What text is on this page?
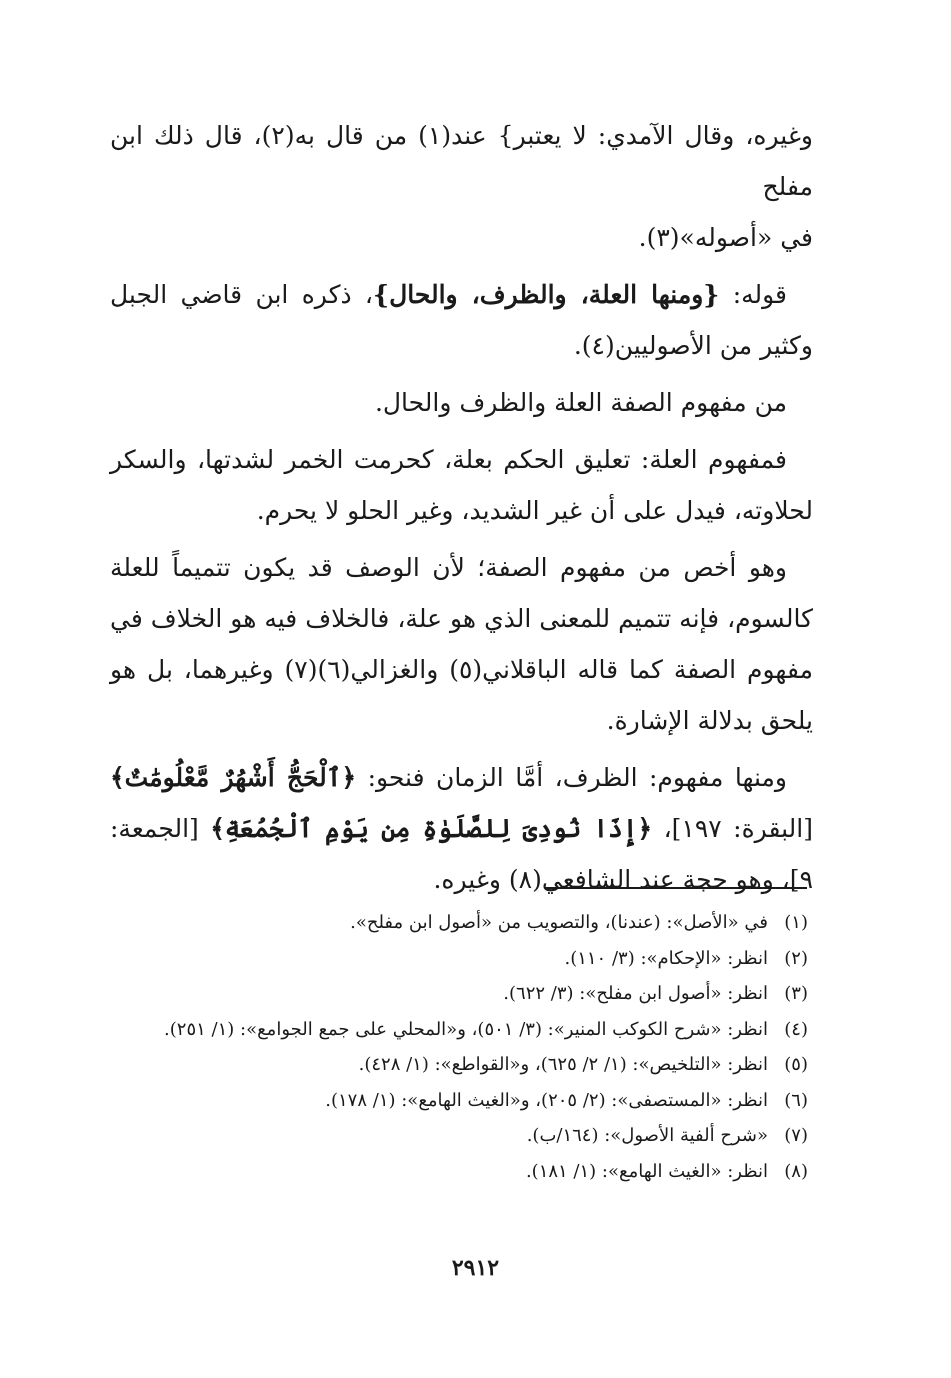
وغيره، وقال الآمدي: لا يعتبر} عند(١) من قال به(٢)، قال ذلك ابن مفلح
في «أصوله»(٣).

قوله: {ومنها العلة، والظرف، والحال}، ذكره ابن قاضي الجبل وكثير من الأصوليين(٤).

من مفهوم الصفة العلة والظرف والحال.

فمفهوم العلة: تعليق الحكم بعلة، كحرمت الخمر لشدتها، والسكر لحلاوته، فيدل على أن غير الشديد، وغير الحلو لا يحرم.

وهو أخص من مفهوم الصفة؛ لأن الوصف قد يكون تتميماً للعلة كالسوم، فإنه تتميم للمعنى الذي هو علة، فالخلاف فيه هو الخلاف في مفهوم الصفة كما قاله الباقلاني(٥) والغزالي(٦)(٧) وغيرهما، بل هو يلحق بدلالة الإشارة.

ومنها مفهوم: الظرف، أمَّا الزمان فنحو: ﴿ٱلْحَجُّ أَشْهُرٌ مَّعْلُومَٰتٌ﴾ [البقرة: ١٩٧]، ﴿إِذَا نُودِىَ لِلصَّلَوٰةِ مِن يَوْمِ ٱلْجُمُعَةِ﴾ [الجمعة: ٩]، وهو حجة عند الشافعي(٨) وغيره.

(١)في «الأصل»: (عندنا)، والتصويب من «أصول ابن مفلح».
(٢)انظر: «الإحكام»: (٣/ ١١٠).
(٣)انظر: «أصول ابن مفلح»: (٣/ ٦٢٢).
(٤)انظر: «شرح الكوكب المنير»: (٣/ ٥٠١)، و«المحلي على جمع الجوامع»: (١/ ٢٥١).
(٥)انظر: «التلخيص»: (١/ ٢/ ٦٢٥)، و«القواطع»: (١/ ٤٢٨).
(٦)انظر: «المستصفى»: (٢/ ٢٠٥)، و«الغيث الهامع»: (١/ ١٧٨).
(٧)«شرح ألفية الأصول»: (١٦٤/ب).
(٨)انظر: «الغيث الهامع»: (١/ ١٨١).
٢٩١٢
